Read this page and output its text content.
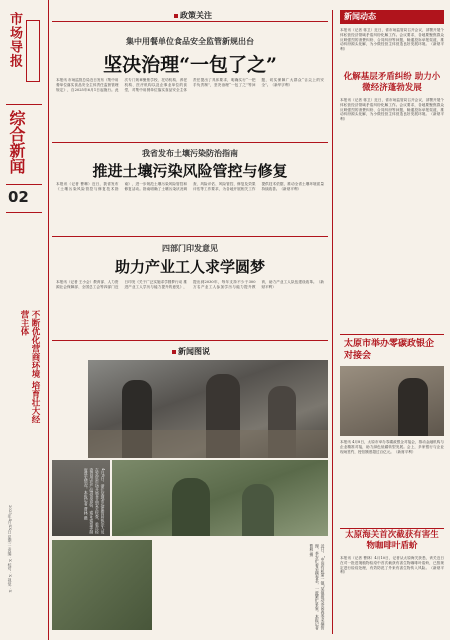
市场导报
综合新闻
02
不断优化营商环境 培育壮大经营主体
2025年4月XX日 星期二 责编：X 校对：X 视觉：X
政策关注
集中用餐单位食品安全监管新规出台
坚决治理“一包了之”
本报讯 市场监管总局近日发布《集中用餐单位落实食品安全主体责任监督管理规定》，自2025年6月1日起施行。此次专门规章聚焦学校、托幼机构、养老机构、医疗机构以及企事业单位的食堂，对集中用餐单位落实食品安全主体责任提出了具体要求，明确实行“一把手负责制”，坚决治理“一包了之”等问题，切实保障广大群众“舌尖上的安全”。（新华字利）
我省发布土壤污染防治指南
推进土壤污染风险管控与修复
本报讯（记者 曹琳）近日，我省发布《土壤污染风险管控与修复技术指南》，进一步规范土壤污染风险管控和修复活动。指南明确了土壤污染状况调查、风险评估、风险管控、修复及效果评估等工作要求，为各地开展相关工作提供技术依据，推动全省土壤环境质量持续改善。（新财平利）
四部门印发意见
助力产业工人求学圆梦
本报讯（记者 王小会）教育部、人力资源社会保障部、全国总工会等四部门近日印发《关于广泛实施求学圆梦行动 推进产业工人学历与能力提升的意见》，提出到2030年，每年支持不少于300万名产业工人参加学历与能力提升教育，助力产业工人队伍建设改革。（新财平利）
新闻图说
4月8日，浙江某地市场监管局执法人员在农贸市场开展食品安全检查，重点检查食用农产品进货查验、索证索票等制度落实情况。本报记者 曹林 摄
近日，“中国有机第一镇”某镇推动茶园春季采摘管理，茶农忙着采摘春茶，一派繁忙景象。本报记者 曹林 摄
新闻动态
本报讯（记者 蒋卫）近日，省市场监管局召开会议，部署开展个体私营经济领域矛盾纠纷化解工作。会议要求，各地要聚焦群众反映强烈的消费纠纷、合同纠纷等问题，畅通投诉举报渠道，推动纠纷源头化解，为小微经营主体营造良好发展环境。（新财平利）
化解基层矛盾纠纷 助力小微经济蓬勃发展
本报讯（记者 蒋卫）近日，省市场监管局召开会议，部署开展个体私营经济领域矛盾纠纷化解工作。会议要求，各地要聚焦群众反映强烈的消费纠纷、合同纠纷等问题，畅通投诉举报渠道，推动纠纷源头化解，为小微经营主体营造良好发展环境。（新财平利）
太原市举办零碳政银企对接会
本报讯 4月8日，太原市举办零碳政银企对接会，推动金融机构与企业精准对接，助力绿色低碳转型发展。会上，多家银行与企业现场签约，授信额度超过百亿元。（新财平利）
太原海关首次截获有害生物咖啡叶盾蚧
本报讯（记者 曹林）4月10日，记者从太原海关获悉，该关近日在对一批进境植物检疫中首次截获有害生物咖啡叶盾蚧，已按规定进行检疫处理，有效防范了外来有害生物传入风险。（新财平利）
